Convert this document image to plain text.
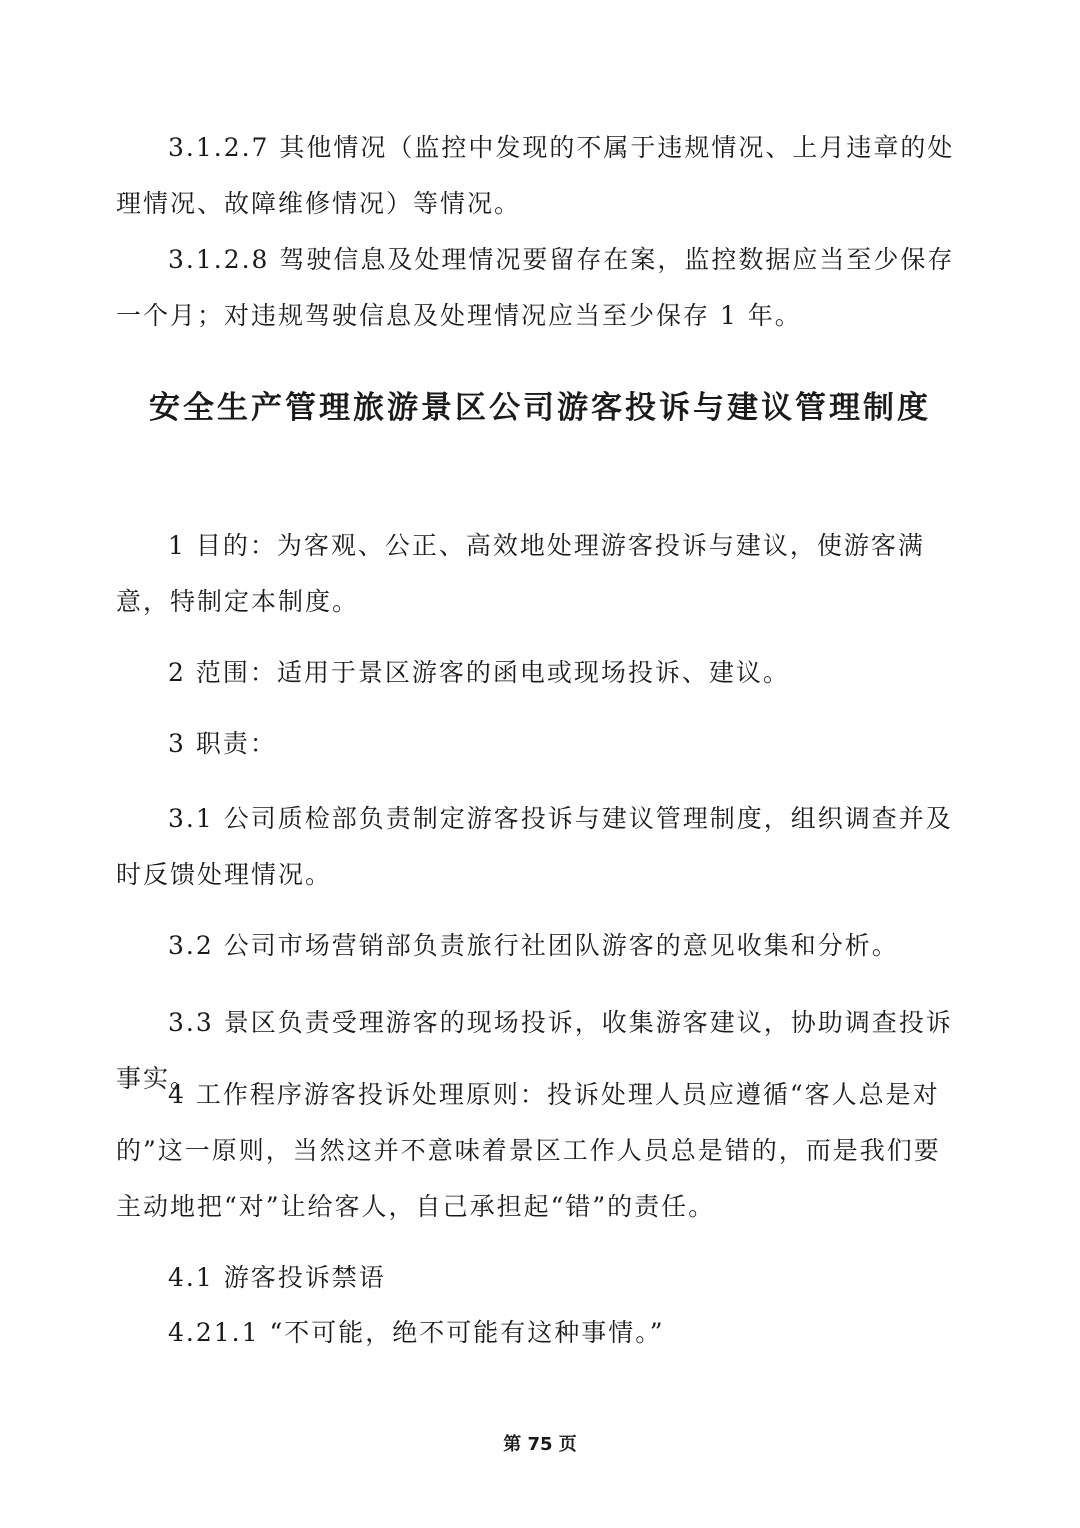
3.1.2.7 其他情况（监控中发现的不属于违规情况、上月违章的处理情况、故障维修情况）等情况。

3.1.2.8 驾驶信息及处理情况要留存在案，监控数据应当至少保存一个月；对违规驾驶信息及处理情况应当至少保存 1 年。

安全生产管理旅游景区公司游客投诉与建议管理制度

1 目的：为客观、公正、高效地处理游客投诉与建议，使游客满意，特制定本制度。

2 范围：适用于景区游客的函电或现场投诉、建议。

3 职责：

3.1 公司质检部负责制定游客投诉与建议管理制度，组织调查并及时反馈处理情况。

3.2 公司市场营销部负责旅行社团队游客的意见收集和分析。

3.3 景区负责受理游客的现场投诉，收集游客建议，协助调查投诉事实。

4 工作程序游客投诉处理原则：投诉处理人员应遵循“客人总是对的”这一原则，当然这并不意味着景区工作人员总是错的，而是我们要主动地把“对”让给客人，自己承担起“错”的责任。

4.1 游客投诉禁语

4.21.1 “不可能，绝不可能有这种事情。”

第 75 页
